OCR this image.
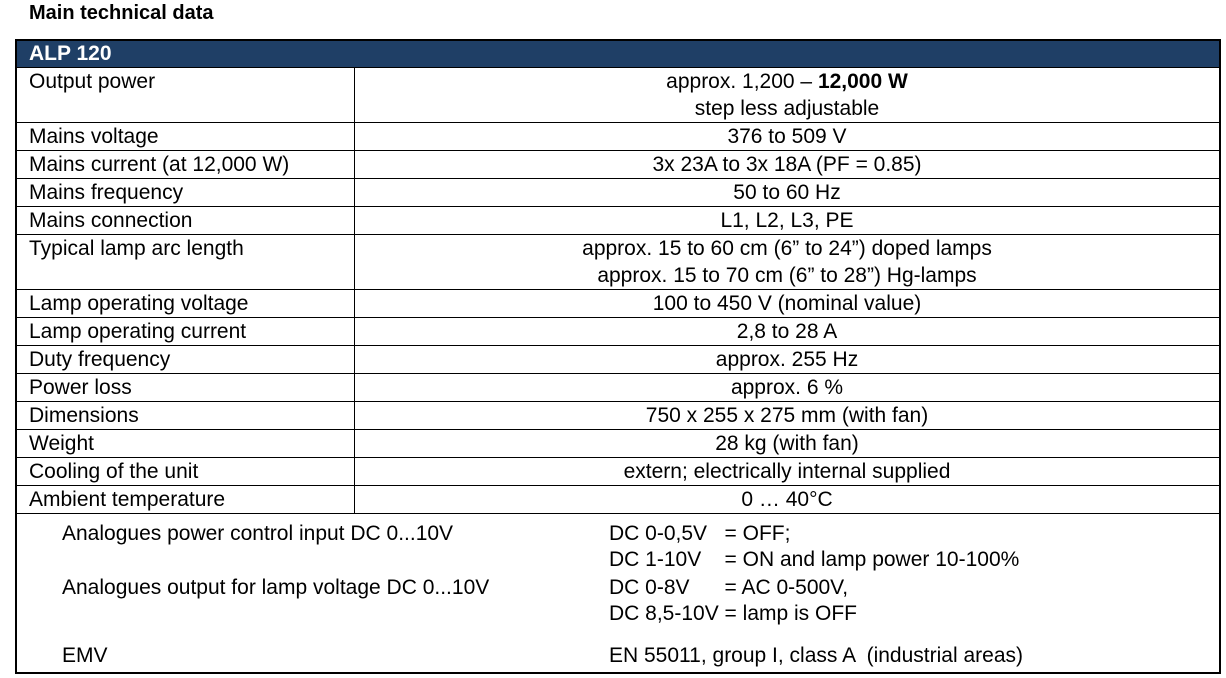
Main technical data
ALP 120
Output power	approx. 1,200 – 12,000 W
step less adjustable

Mains voltage	376 to 509 V
Mains current (at 12,000 W)	3x 23A to 3x 18A (PF = 0.85)
Mains frequency	50 to 60 Hz
Mains connection	L1, L2, L3, PE
Typical lamp arc length	approx. 15 to 60 cm (6” to 24”) doped lamps
approx. 15 to 70 cm (6” to 28”) Hg-lamps

Lamp operating voltage	100 to 450 V (nominal value)
Lamp operating current	2,8 to 28 A
Duty frequency	approx. 255 Hz
Power loss	approx. 6 %
Dimensions	750 x 255 x 275 mm (with fan)
Weight	28 kg (with fan)
Cooling of the unit	extern; electrically internal supplied
Ambient temperature	0 … 40°C
Analogues power control input DC 0...10V	DC 0-0,5V   = OFF;
DC 1-10V    = ON and lamp power 10-100%
Analogues output for lamp voltage DC 0...10V	DC 0-8V      = AC 0-500V,
DC 8,5-10V = lamp is OFF
EMV	EN 55011, group I, class A  (industrial areas)
